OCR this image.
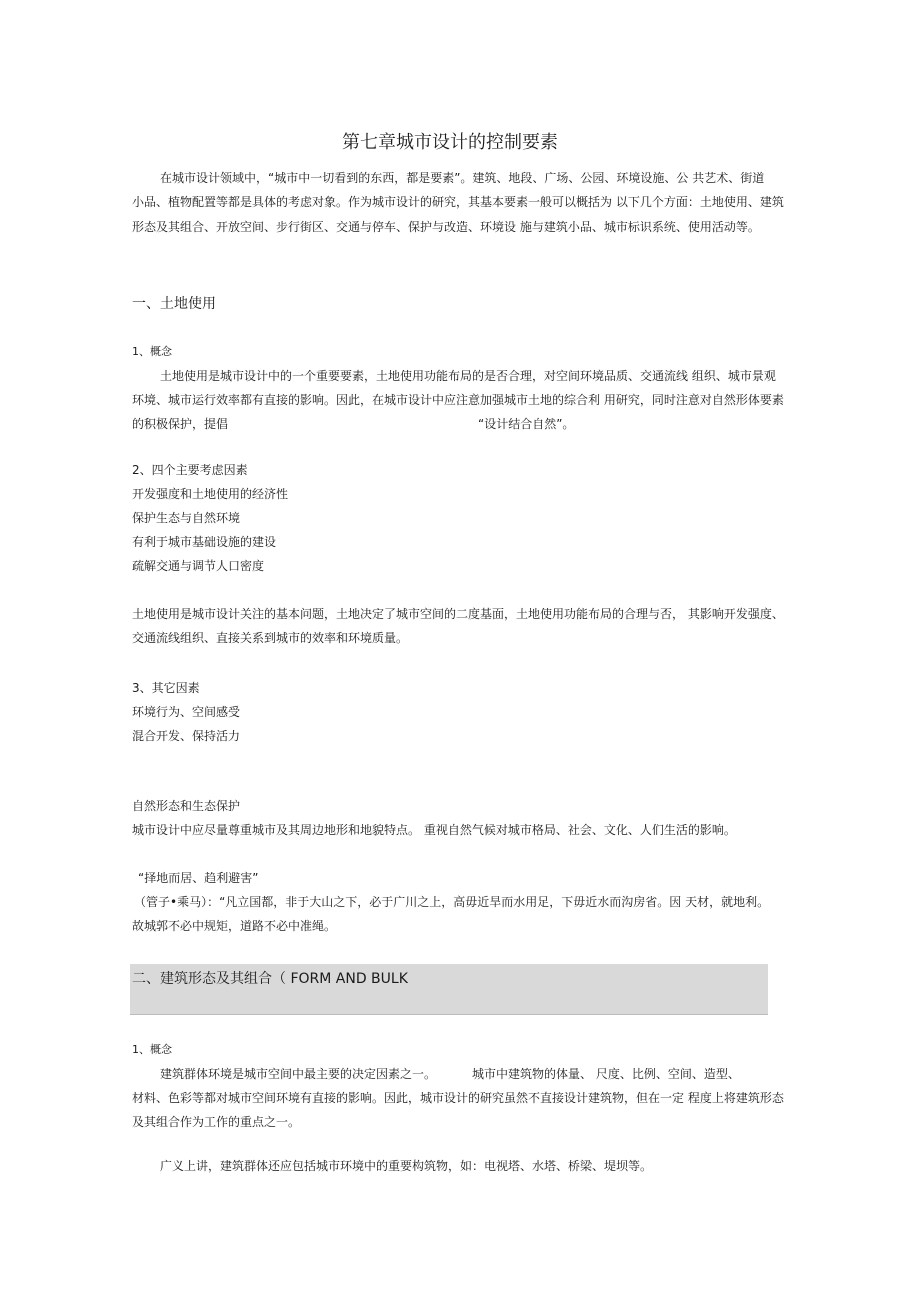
第七章城市设计的控制要素
在城市设计领域中，“城市中一切看到的东西，都是要素”。建筑、地段、广场、公园、环境设施、公 共艺术、街道
小品、植物配置等都是具体的考虑对象。作为城市设计的研究，其基本要素一般可以概括为 以下几个方面：土地使用、建筑
形态及其组合、开放空间、步行街区、交通与停车、保护与改造、环境设 施与建筑小品、城市标识系统、使用活动等。
一、土地使用
1、概念
土地使用是城市设计中的一个重要要素，土地使用功能布局的是否合理，对空间环境品质、交通流线 组织、城市景观
环境、城市运行效率都有直接的影响。因此，在城市设计中应注意加强城市土地的综合利 用研究，同时注意对自然形体要素
的积极保护，提倡	“设计结合自然”。
2、四个主要考虑因素
开发强度和土地使用的经济性
保护生态与自然环境
有利于城市基础设施的建设
疏解交通与调节人口密度
土地使用是城市设计关注的基本问题，土地决定了城市空间的二度基面，土地使用功能布局的合理与否， 其影响开发强度、
交通流线组织、直接关系到城市的效率和环境质量。
3、其它因素
环境行为、空间感受
混合开发、保持活力
自然形态和生态保护
城市设计中应尽量尊重城市及其周边地形和地貌特点。 重视自然气候对城市格局、社会、文化、人们生活的影响。
“择地而居、趋利避害”
（管子•乘马）：“凡立国都，非于大山之下，必于广川之上，高毋近旱而水用足，下毋近水而沟房省。因 天材，就地利。
故城郭不必中规矩，道路不必中准绳。
二、建筑形态及其组合（ FORM AND BULK
1、概念
建筑群体环境是城市空间中最主要的决定因素之一。	城市中建筑物的体量、 尺度、比例、空间、造型、
材料、色彩等都对城市空间环境有直接的影响。因此，城市设计的研究虽然不直接设计建筑物，但在一定 程度上将建筑形态
及其组合作为工作的重点之一。
广义上讲，建筑群体还应包括城市环境中的重要构筑物，如：电视塔、水塔、桥梁、堤坝等。
